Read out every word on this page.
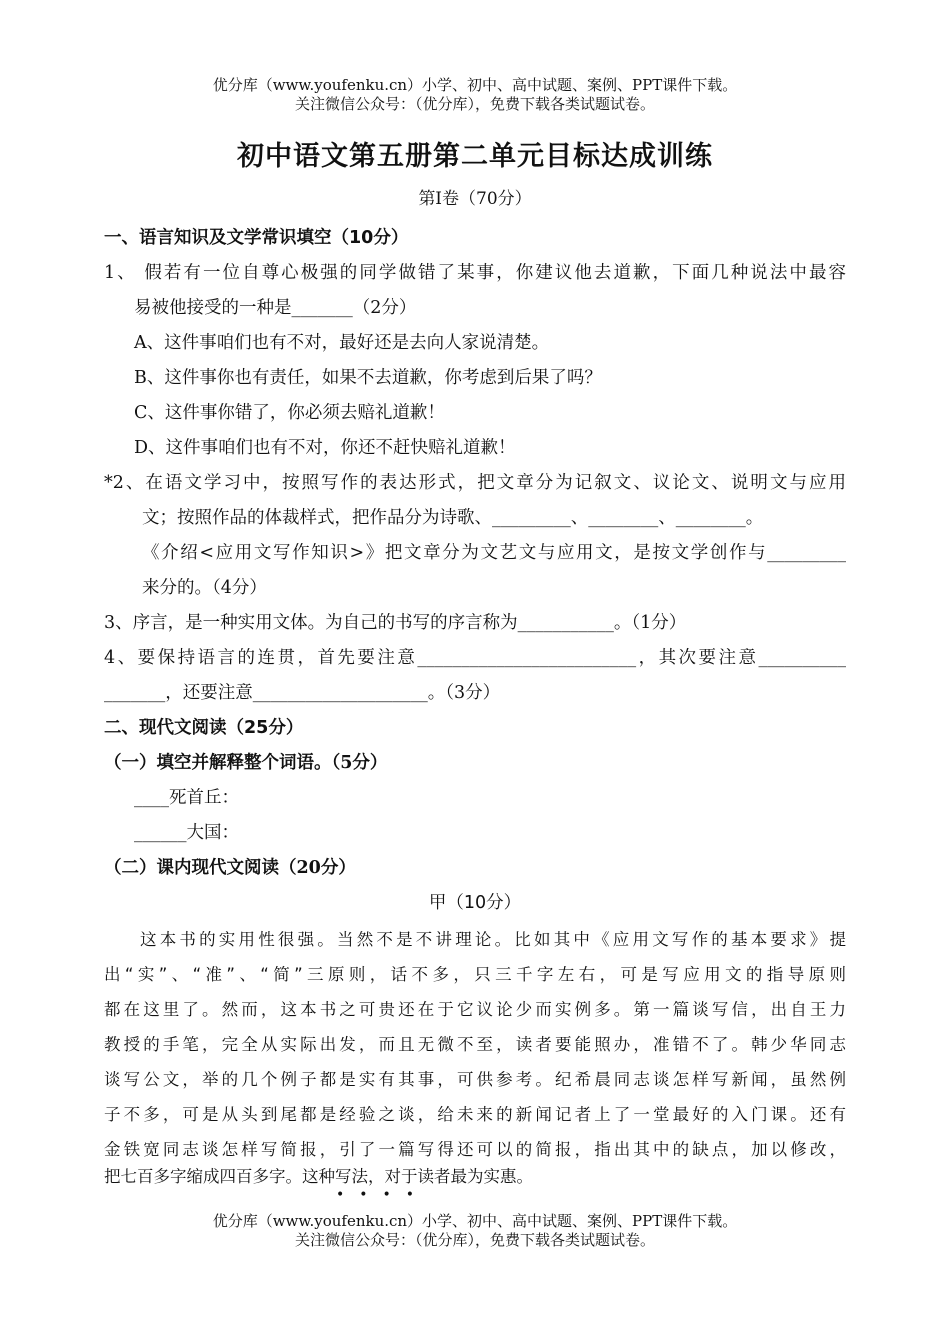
优分库（www.youfenku.cn）小学、初中、高中试题、案例、PPT课件下载。
关注微信公众号：（优分库），免费下载各类试题试卷。
初中语文第五册第二单元目标达成训练
第Ⅰ卷（70分）
一、语言知识及文学常识填空（10分）
1、 假若有一位自尊心极强的同学做错了某事，你建议他去道歉，下面几种说法中最容
易被他接受的一种是_______（2分）
A、这件事咱们也有不对，最好还是去向人家说清楚。
B、这件事你也有责任，如果不去道歉，你考虑到后果了吗？
C、这件事你错了，你必须去赔礼道歉！
D、这件事咱们也有不对，你还不赶快赔礼道歉！
*2、在语文学习中，按照写作的表达形式，把文章分为记叙文、议论文、说明文与应用
文；按照作品的体裁样式，把作品分为诗歌、_________、________、________。
《介绍<应用文写作知识>》把文章分为文艺文与应用文，是按文学创作与_________
来分的。（4分）
3、序言，是一种实用文体。为自己的书写的序言称为___________。（1分）
4、要保持语言的连贯，首先要注意_________________________，其次要注意__________
_______，还要注意____________________。（3分）
二、现代文阅读（25分）
（一）填空并解释整个词语。（5分）
____死首丘：
______大国：
（二）课内现代文阅读（20分）
甲（10分）
这本书的实用性很强。当然不是不讲理论。比如其中《应用文写作的基本要求》提
出“实”、“准”、“简”三原则，话不多，只三千字左右，可是写应用文的指导原则
都在这里了。然而，这本书之可贵还在于它议论少而实例多。第一篇谈写信，出自王力
教授的手笔，完全从实际出发，而且无微不至，读者要能照办，准错不了。韩少华同志
谈写公文，举的几个例子都是实有其事，可供参考。纪希晨同志谈怎样写新闻，虽然例
子不多，可是从头到尾都是经验之谈，给未来的新闻记者上了一堂最好的入门课。还有
金铁宽同志谈怎样写简报，引了一篇写得还可以的简报，指出其中的缺点，加以修改，
把七百多字缩成四百多字。这种写法，对于读者最为实惠。
••••
优分库（www.youfenku.cn）小学、初中、高中试题、案例、PPT课件下载。
关注微信公众号：（优分库），免费下载各类试题试卷。
